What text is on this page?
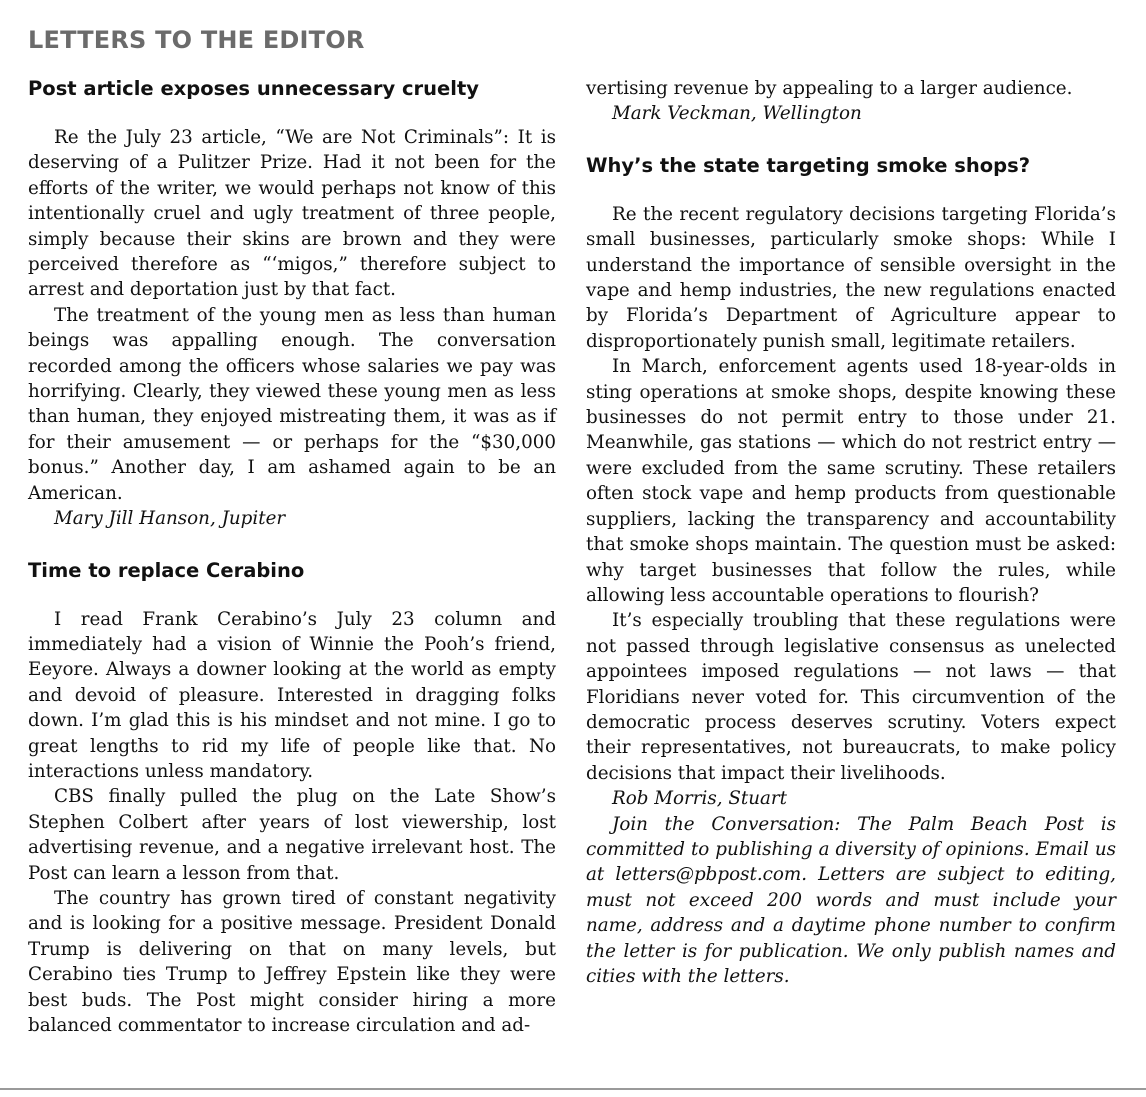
LETTERS TO THE EDITOR
Post article exposes unnecessary cruelty

Re the July 23 article, “We are Not Criminals”: It is deserving of a Pulitzer Prize. Had it not been for the efforts of the writer, we would perhaps not know of this intentionally cruel and ugly treatment of three people, simply because their skins are brown and they were perceived therefore as “‘migos,” therefore subject to arrest and deportation just by that fact.

The treatment of the young men as less than human beings was appalling enough. The conversation recorded among the officers whose salaries we pay was horrifying. Clearly, they viewed these young men as less than human, they enjoyed mistreating them, it was as if for their amusement — or perhaps for the “$30,000 bonus.” Another day, I am ashamed again to be an American.

Mary Jill Hanson, Jupiter

Time to replace Cerabino

I read Frank Cerabino’s July 23 column and immediately had a vision of Winnie the Pooh’s friend, Eeyore. Always a downer looking at the world as empty and devoid of pleasure. Interested in dragging folks down. I’m glad this is his mindset and not mine. I go to great lengths to rid my life of people like that. No interactions unless mandatory.

CBS finally pulled the plug on the Late Show’s Stephen Colbert after years of lost viewership, lost advertising revenue, and a negative irrelevant host. The Post can learn a lesson from that.

The country has grown tired of constant negativity and is looking for a positive message. President Donald Trump is delivering on that on many levels, but Cerabino ties Trump to Jeffrey Epstein like they were best buds. The Post might consider hiring a more balanced commentator to increase circulation and ad-

vertising revenue by appealing to a larger audience.

Mark Veckman, Wellington

Why’s the state targeting smoke shops?

Re the recent regulatory decisions targeting Florida’s small businesses, particularly smoke shops: While I understand the importance of sensible oversight in the vape and hemp industries, the new regulations enacted by Florida’s Department of Agriculture appear to disproportionately punish small, legitimate retailers.

In March, enforcement agents used 18-year-olds in sting operations at smoke shops, despite knowing these businesses do not permit entry to those under 21. Meanwhile, gas stations — which do not restrict entry — were excluded from the same scrutiny. These retailers often stock vape and hemp products from questionable suppliers, lacking the transparency and accountability that smoke shops maintain. The question must be asked: why target businesses that follow the rules, while allowing less accountable operations to flourish?

It’s especially troubling that these regulations were not passed through legislative consensus as unelected appointees imposed regulations — not laws — that Floridians never voted for. This circumvention of the democratic process deserves scrutiny. Voters expect their representatives, not bureaucrats, to make policy decisions that impact their livelihoods.

Rob Morris, Stuart

Join the Conversation: The Palm Beach Post is committed to publishing a diversity of opinions. Email us at letters@pbpost.com. Letters are subject to editing, must not exceed 200 words and must include your name, address and a daytime phone number to confirm the letter is for publication. We only publish names and cities with the letters.
